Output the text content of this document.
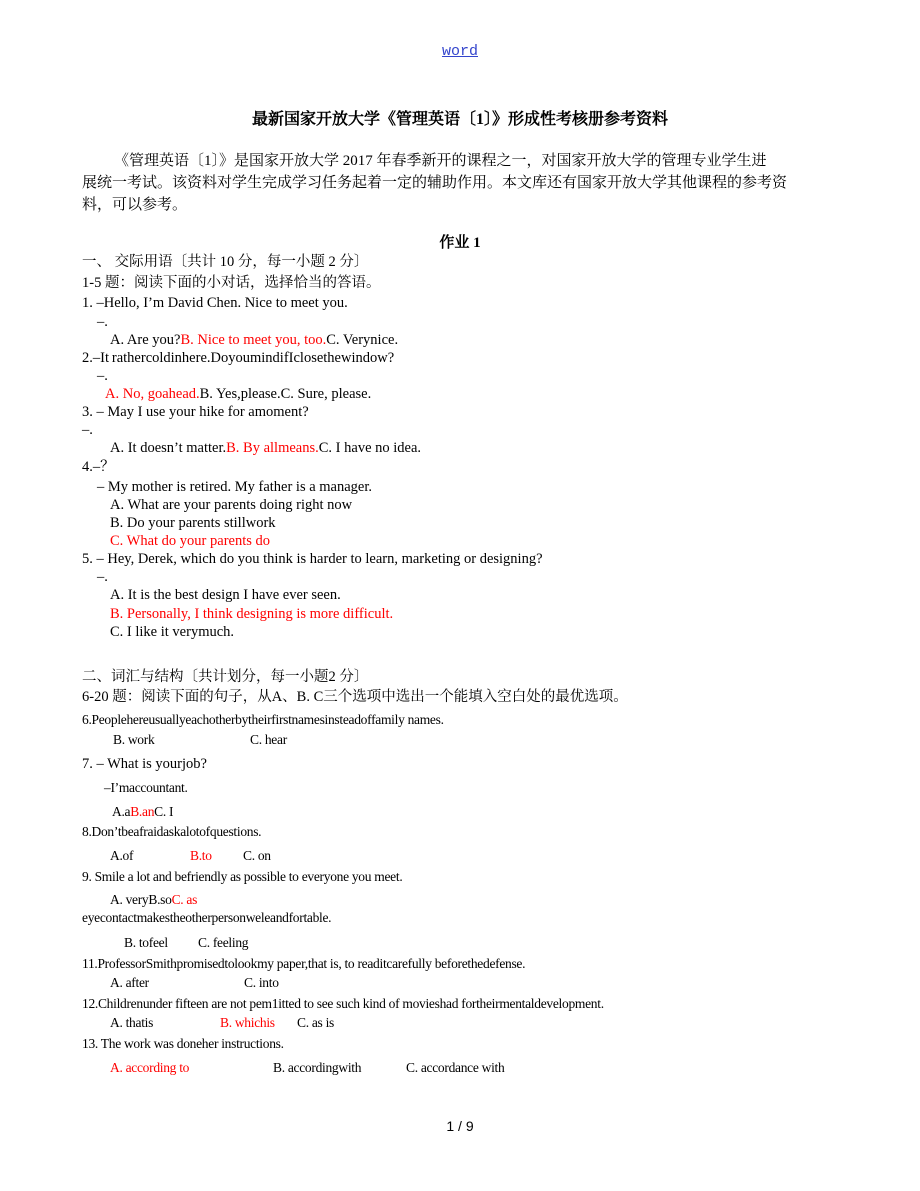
word
最新国家开放大学《管理英语〔1〕》形成性考核册参考资料
《管理英语〔1〕》是国家开放大学 2017 年春季新开的课程之一，对国家开放大学的管理专业学生进
展统一考试。该资料对学生完成学习任务起着一定的辅助作用。本文库还有国家开放大学其他课程的参考资
料，可以参考。
作业 1
一、 交际用语〔共计 10 分，每一小题 2 分〕
1-5 题：阅读下面的小对话，选择恰当的答语。
1. –Hello, I’m David Chen. Nice to meet you.
–.
A. Are you?B. Nice to meet you, too.C. Verynice.
2.–It rathercoldinhere.DoyoumindifIclosethewindow?
–.
A. No, goahead.B. Yes,please.C. Sure, please.
3. – May I use your hike for amoment?
–.
A. It doesn’t matter.B. By allmeans.C. I have no idea.
4.–？
– My mother is retired. My father is a manager.
A. What are your parents doing right now
B. Do your parents stillwork
C. What do your parents do
5. – Hey, Derek, which do you think is harder to learn, marketing or designing?
–.
A. It is the best design I have ever seen.
B. Personally, I think designing is more difficult.
C. I like it verymuch.
二、词汇与结构〔共计划分，每一小题2 分〕
6-20 题：阅读下面的句子，从A、B. C三个选项中选出一个能填入空白处的最优选项。
6.Peoplehereusuallyeachotherbytheirfirstnamesinsteadoffamily names.
B. work	C. hear
7. – What is yourjob?
–I’maccountant.
A.aB.anC. I
8.Don’tbeafraidaskalotofquestions.
A.of	B.to C. on
9. Smile a lot and befriendly as possible to everyone you meet.
A. veryB.soC. as
eyecontactmakestheotherpersonweleandfortable.
B. tofeel C. feeling
11.ProfessorSmithpromisedtolookmy paper,that is, to readitcarefully beforethedefense.
A. after	C. into
12.Childrenunder fifteen are not pem1itted to see such kind of movieshad fortheirmentaldevelopment.
A. thatis	B. whichis C. as is
13. The work was doneher instructions.
A. according to	B. accordingwith	C. accordance with
1 / 9
